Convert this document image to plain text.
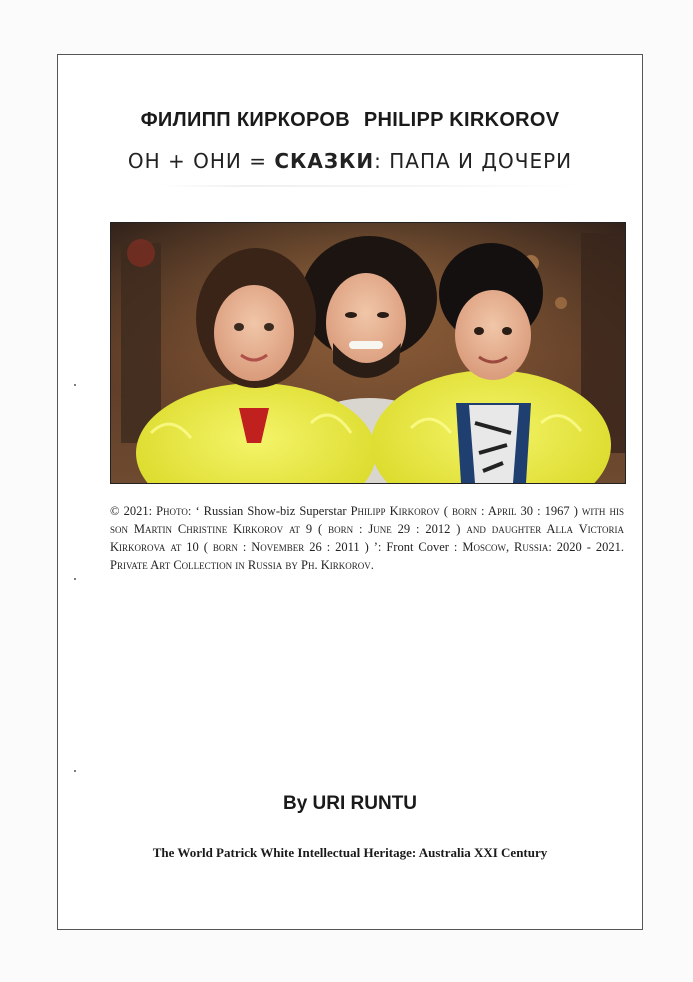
ФИЛИПП КИРКОРОВ PHILIPP KIRKOROV
ОН + ОНИ = СКАЗКИ: ПАПА И ДОЧЕРИ
© 2021: Photo: ‘ Russian Show-biz Superstar Philipp Kirkorov ( born : April 30 : 1967 ) with his son Martin Christine Kirkorov at 9 ( born : June 29 : 2012 ) and daughter Alla Victoria Kirkorova at 10 ( born : November 26 : 2011 ) ’: Front Cover : Moscow, Russia: 2020 - 2021. Private Art Collection in Russia by Ph. Kirkorov.
By URI RUNTU
The World Patrick White Intellectual Heritage: Australia XXI Century
